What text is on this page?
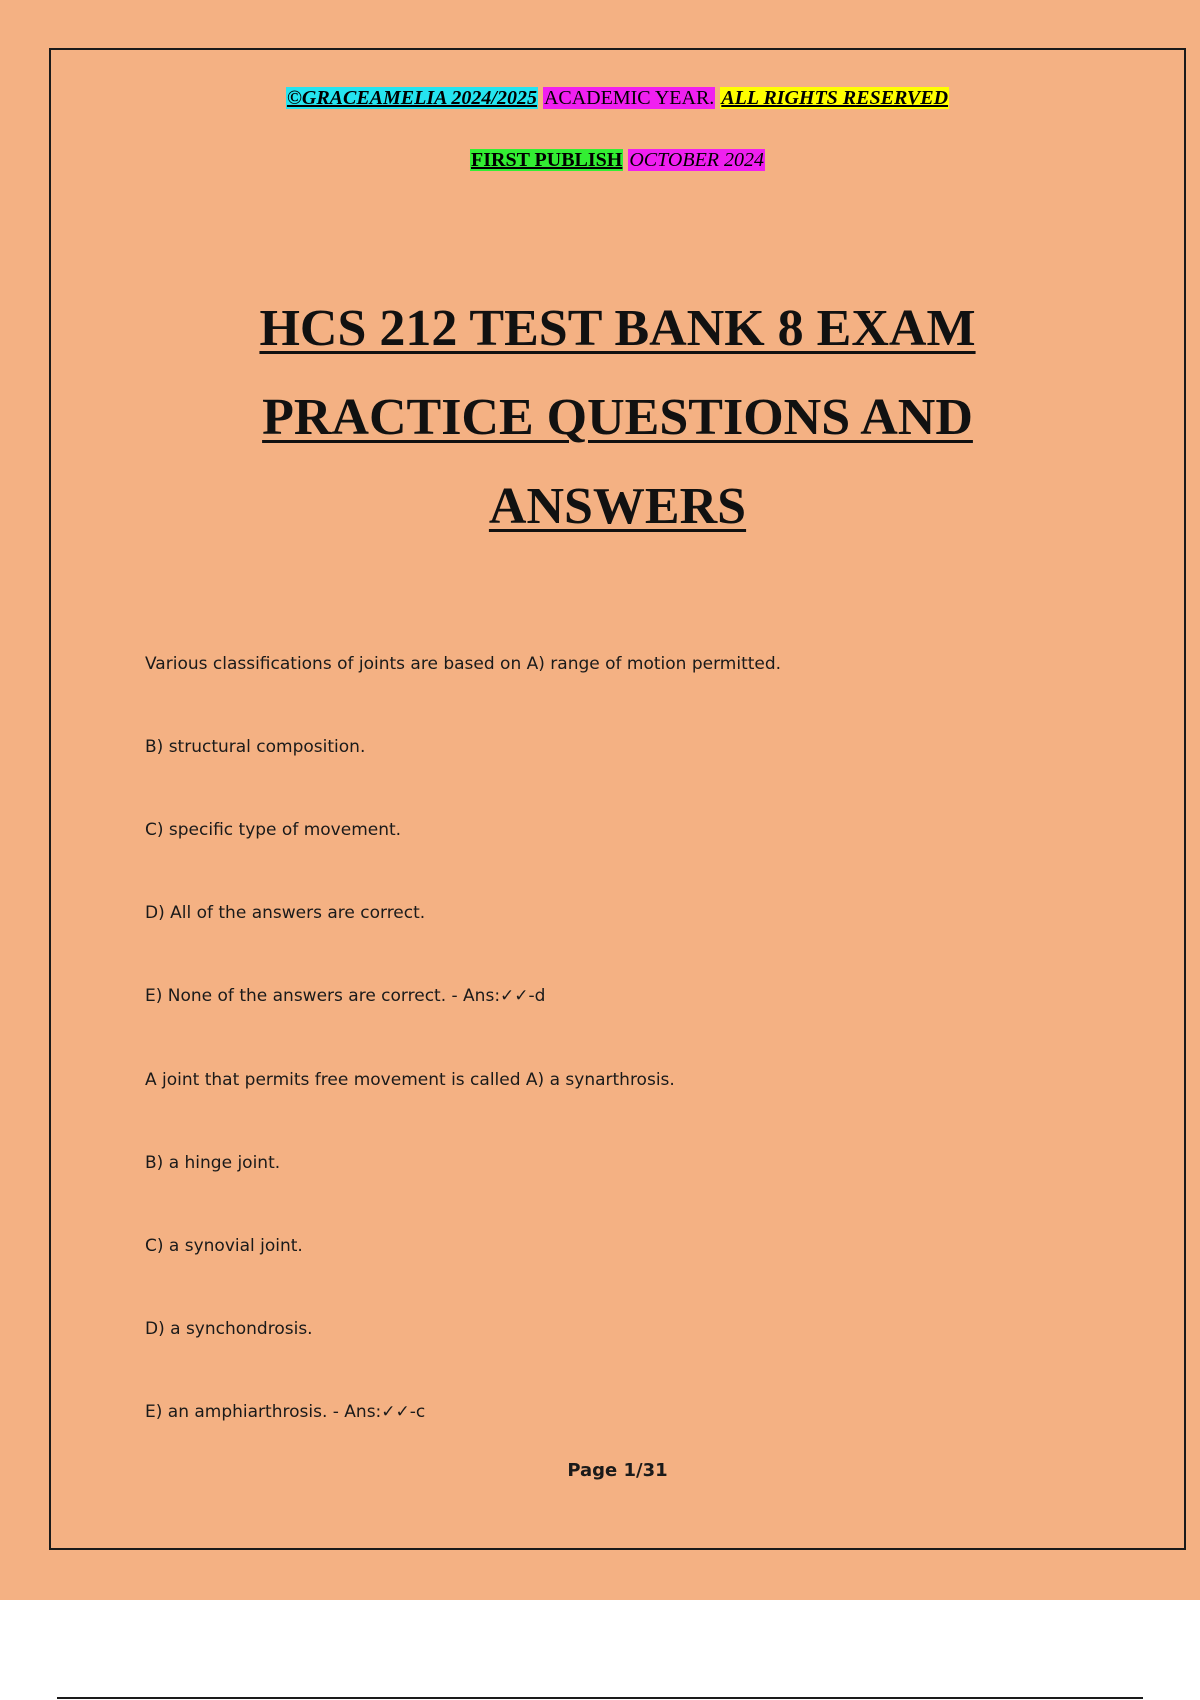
©GRACEAMELIA 2024/2025 ACADEMIC YEAR. ALL RIGHTS RESERVED
FIRST PUBLISH OCTOBER 2024
HCS 212 TEST BANK 8 EXAM
PRACTICE QUESTIONS AND
ANSWERS
Various classifications of joints are based on A) range of motion permitted.
B) structural composition.
C) specific type of movement.
D) All of the answers are correct.
E) None of the answers are correct. - Ans:✓✓-d
A joint that permits free movement is called A) a synarthrosis.
B) a hinge joint.
C) a synovial joint.
D) a synchondrosis.
E) an amphiarthrosis. - Ans:✓✓-c
Page 1/31
